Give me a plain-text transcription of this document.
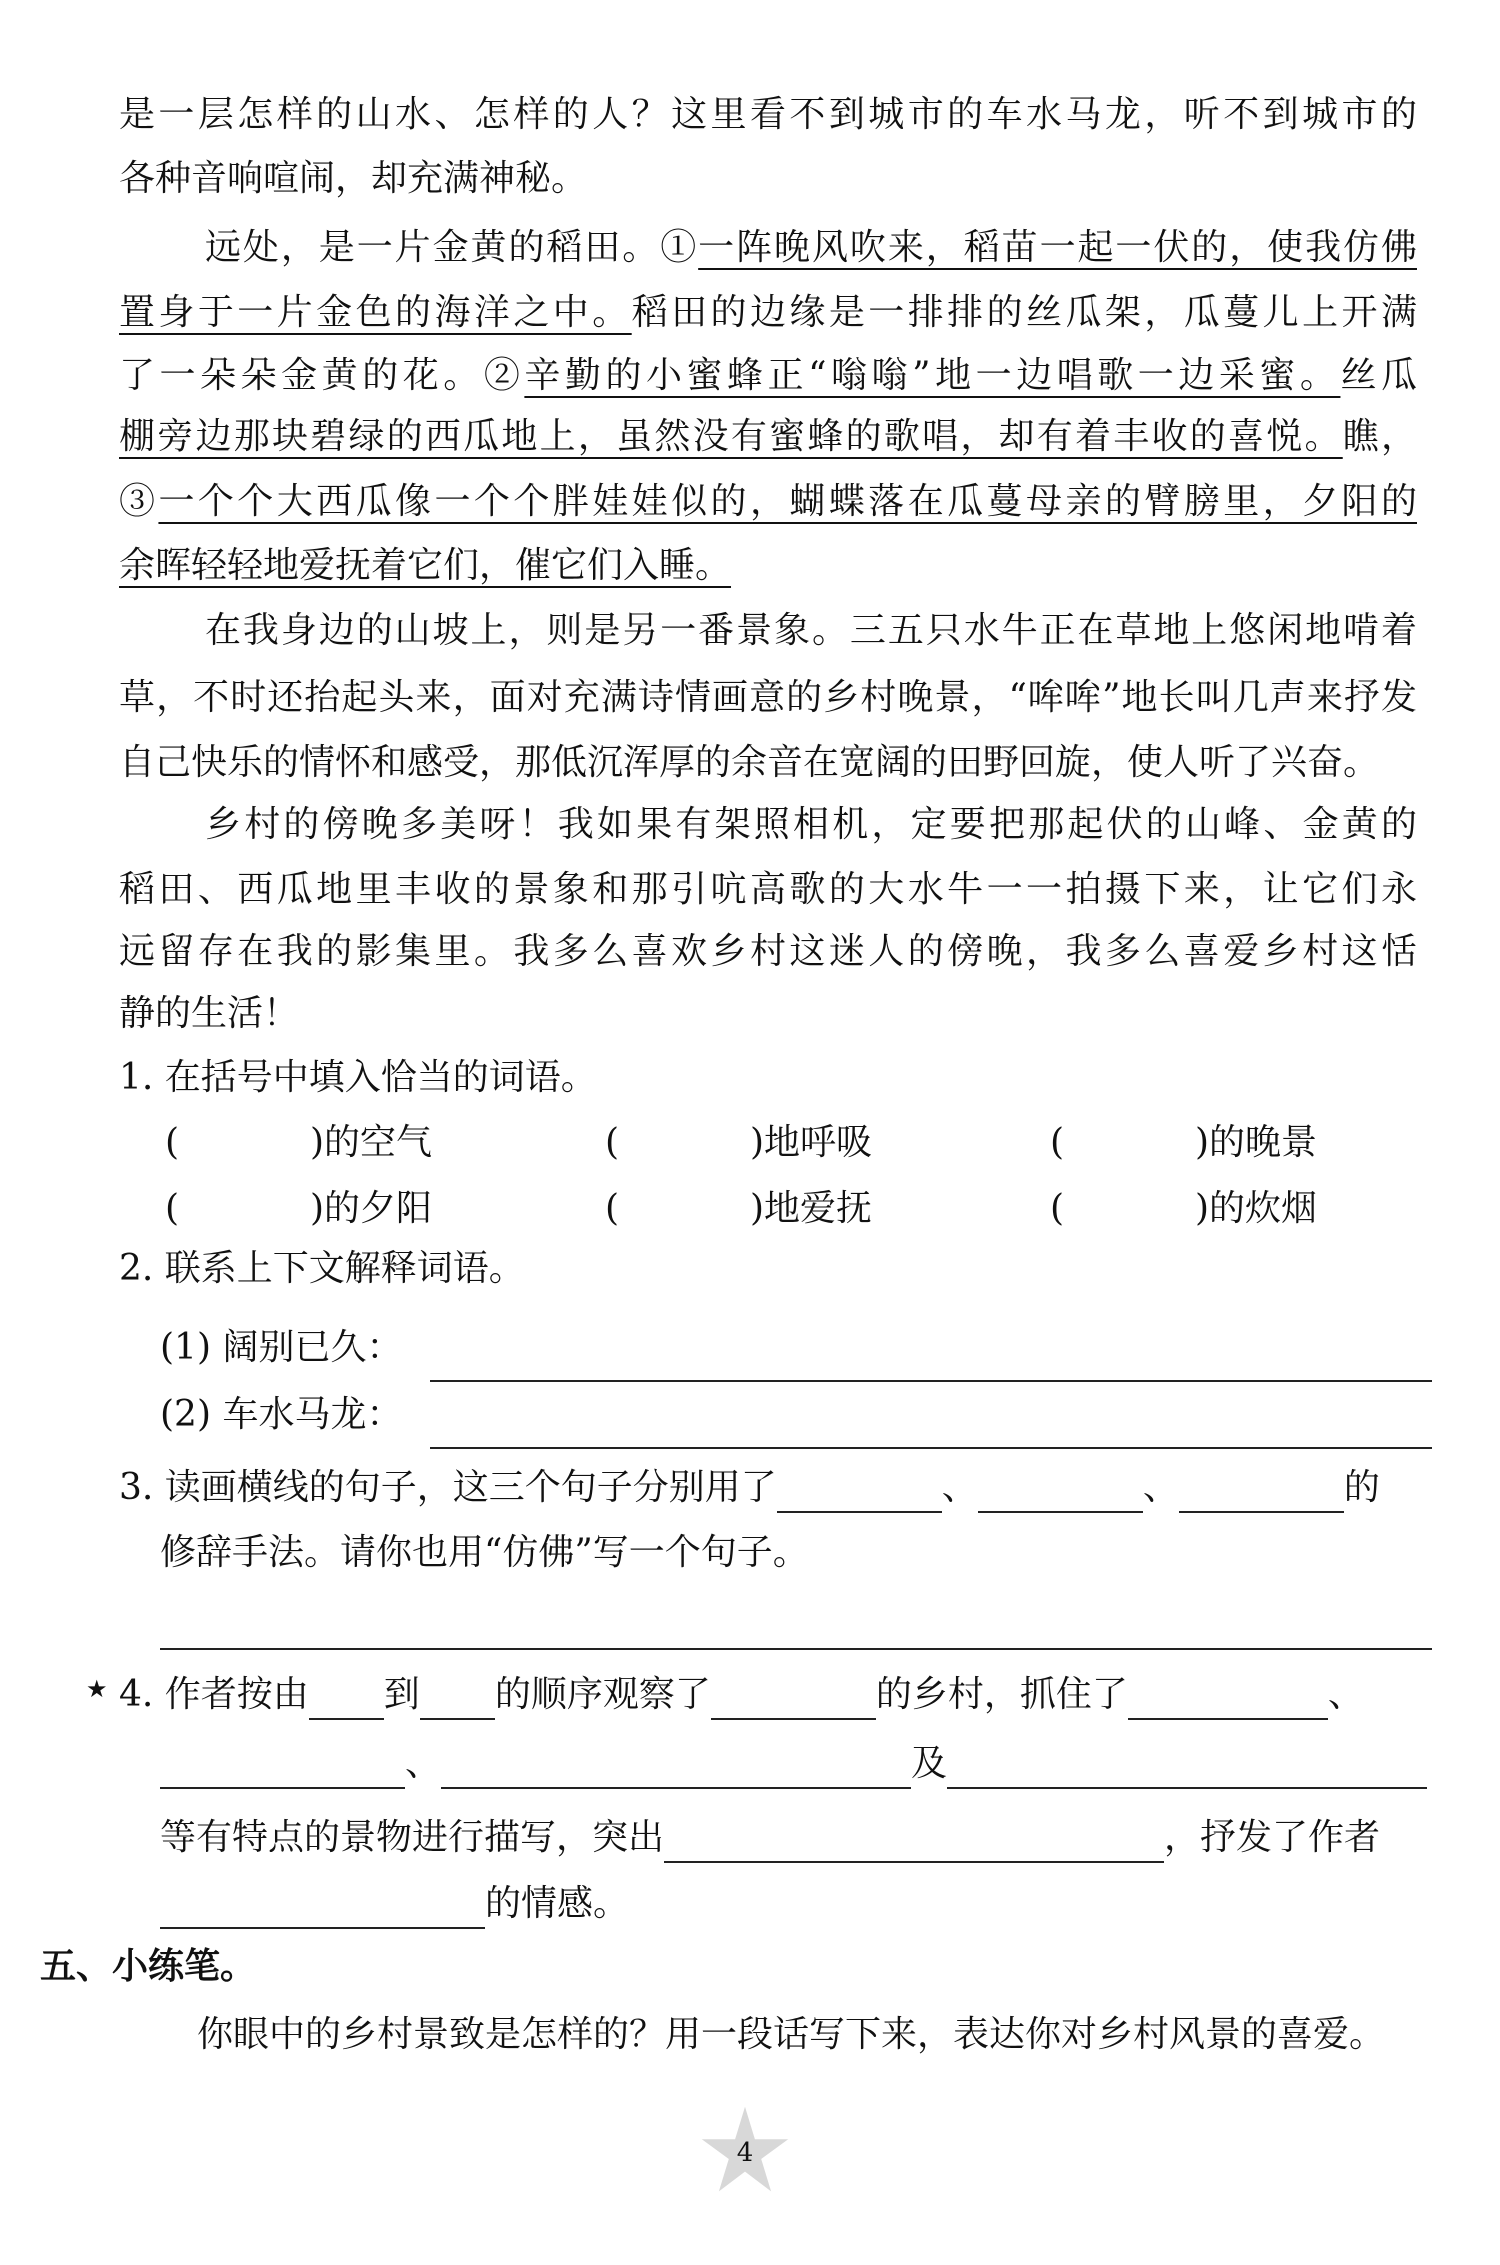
是一层怎样的山水、怎样的人？这里看不到城市的车水马龙，听不到城市的
各种音响喧闹，却充满神秘。
远处，是一片金黄的稻田。①一阵晚风吹来，稻苗一起一伏的，使我仿佛
置身于一片金色的海洋之中。稻田的边缘是一排排的丝瓜架，瓜蔓儿上开满
了一朵朵金黄的花。②辛勤的小蜜蜂正“嗡嗡”地一边唱歌一边采蜜。丝瓜
棚旁边那块碧绿的西瓜地上，虽然没有蜜蜂的歌唱，却有着丰收的喜悦。瞧，
③一个个大西瓜像一个个胖娃娃似的，蝴蝶落在瓜蔓母亲的臂膀里，夕阳的
余晖轻轻地爱抚着它们，催它们入睡。
在我身边的山坡上，则是另一番景象。三五只水牛正在草地上悠闲地啃着
草，不时还抬起头来，面对充满诗情画意的乡村晚景，“哞哞”地长叫几声来抒发
自己快乐的情怀和感受，那低沉浑厚的余音在宽阔的田野回旋，使人听了兴奋。
乡村的傍晚多美呀！我如果有架照相机，定要把那起伏的山峰、金黄的
稻田、西瓜地里丰收的景象和那引吭高歌的大水牛一一拍摄下来，让它们永
远留存在我的影集里。我多么喜欢乡村这迷人的傍晚，我多么喜爱乡村这恬
静的生活！
1. 在括号中填入恰当的词语。
(	)的空气	(	)地呼吸	(	)的晚景
(	)的夕阳	(	)地爱抚	(	)的炊烟
2. 联系上下文解释词语。
(1) 阔别已久：
(2) 车水马龙：
3. 读画横线的句子，这三个句子分别用了	、	、	的
修辞手法。请你也用“仿佛”写一个句子。
★ 4. 作者按由 到 的顺序观察了	的乡村，抓住了	、
、	及
等有特点的景物进行描写，突出	，抒发了作者
的情感。
五、小练笔。
你眼中的乡村景致是怎样的？用一段话写下来，表达你对乡村风景的喜爱。
4
